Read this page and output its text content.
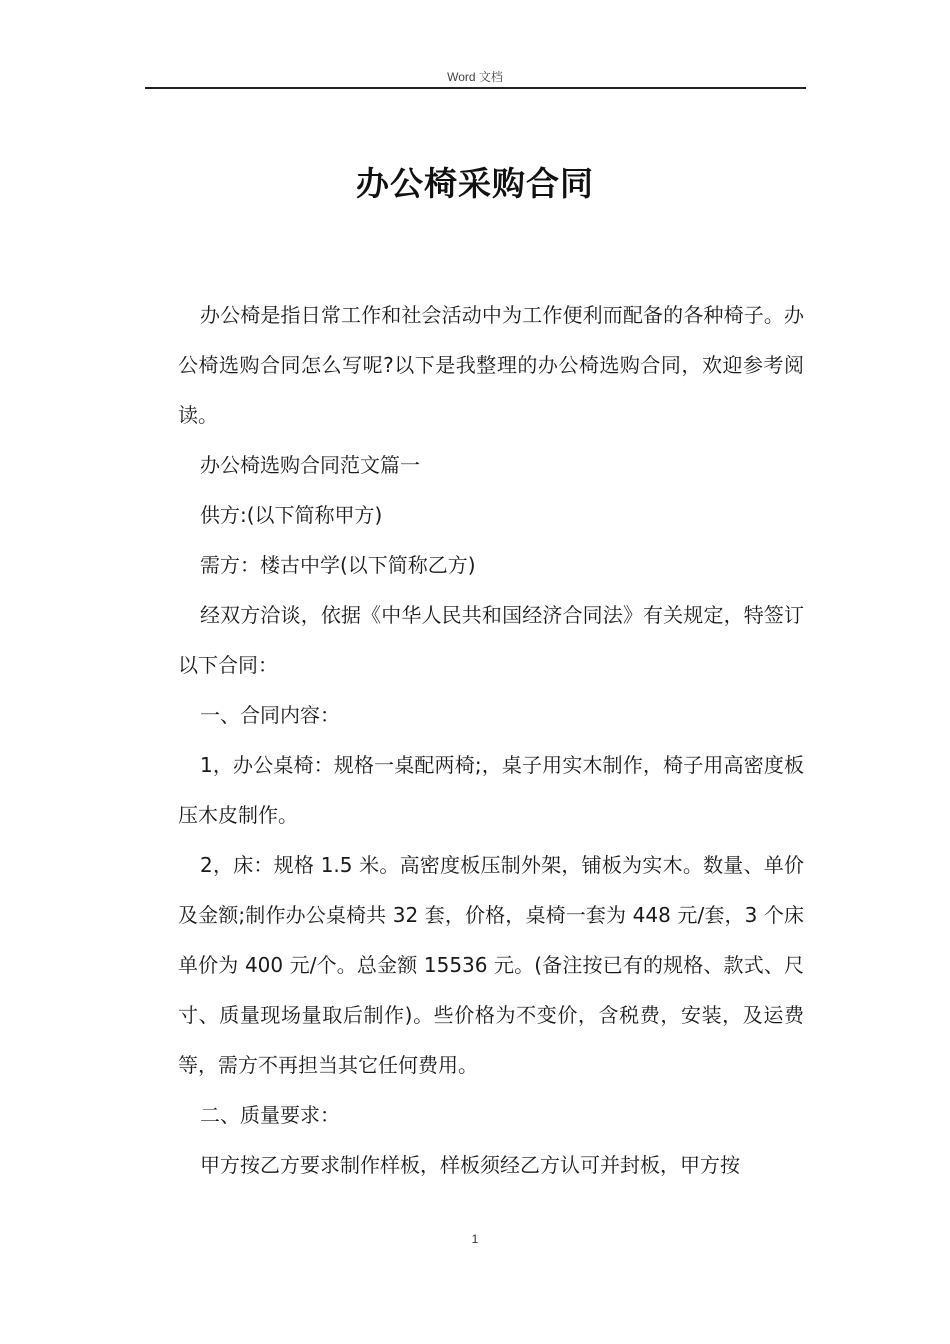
Word 文档
办公椅采购合同

办公椅是指日常工作和社会活动中为工作便利而配备的各种椅子。办公椅选购合同怎么写呢?以下是我整理的办公椅选购合同，欢迎参考阅读。

办公椅选购合同范文篇一

供方:(以下简称甲方)

需方：楼古中学(以下简称乙方)

经双方洽谈，依据《中华人民共和国经济合同法》有关规定，特签订以下合同：

一、合同内容：

1，办公桌椅：规格一桌配两椅;，桌子用实木制作，椅子用高密度板压木皮制作。

2，床：规格 1.5 米。高密度板压制外架，铺板为实木。数量、单价及金额;制作办公桌椅共 32 套，价格，桌椅一套为 448 元/套，3 个床单价为 400 元/个。总金额 15536 元。(备注按已有的规格、款式、尺寸、质量现场量取后制作)。些价格为不变价，含税费，安装，及运费等，需方不再担当其它任何费用。

二、质量要求：

甲方按乙方要求制作样板，样板须经乙方认可并封板，甲方按

1
